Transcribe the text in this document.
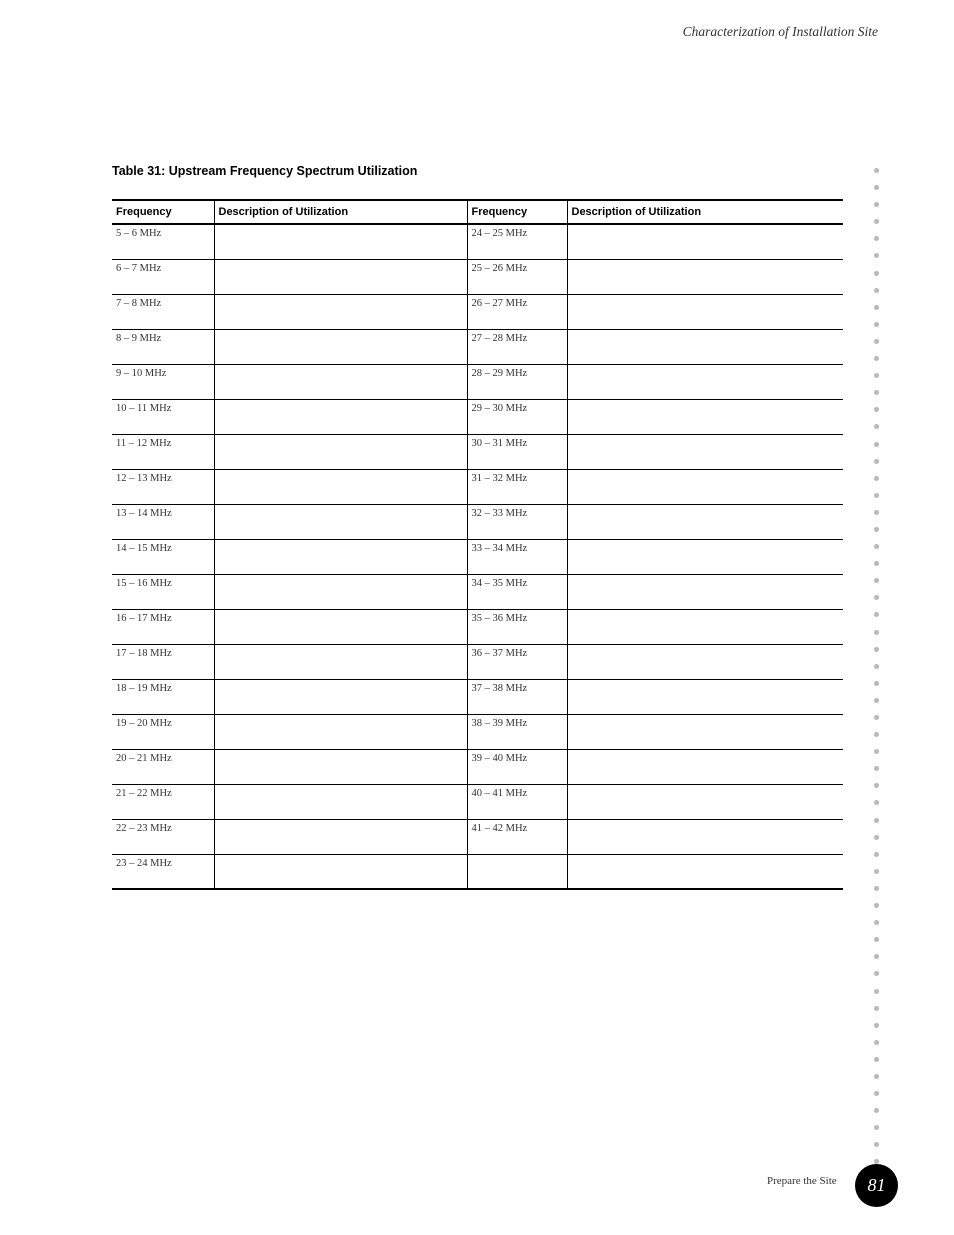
Characterization of Installation Site
Table 31: Upstream Frequency Spectrum Utilization
Frequency	Description of Utilization	Frequency	Description of Utilization
5 – 6 MHz		24 – 25 MHz	
6 – 7 MHz		25 – 26 MHz	
7 – 8 MHz		26 – 27 MHz	
8 – 9 MHz		27 – 28 MHz	
9 – 10 MHz		28 – 29 MHz	
10 – 11 MHz		29 – 30 MHz	
11 – 12 MHz		30 – 31 MHz	
12 – 13 MHz		31 – 32 MHz	
13 – 14 MHz		32 – 33 MHz	
14 – 15 MHz		33 – 34 MHz	
15 – 16 MHz		34 – 35 MHz	
16 – 17 MHz		35 – 36 MHz	
17 – 18 MHz		36 – 37 MHz	
18 – 19 MHz		37 – 38 MHz	
19 – 20 MHz		38 – 39 MHz	
20 – 21 MHz		39 – 40 MHz	
21 – 22 MHz		40 – 41 MHz	
22 – 23 MHz		41 – 42 MHz	
23 – 24 MHz			
Prepare the Site	81
